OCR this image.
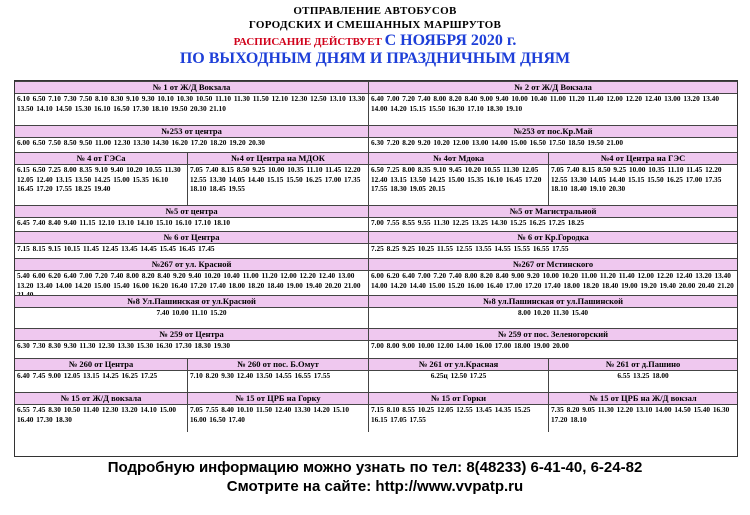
ОТПРАВЛЕНИЕ АВТОБУСОВ
ГОРОДСКИХ И СМЕШАННЫХ МАРШРУТОВ
РАСПИСАНИЕ ДЕЙСТВУЕТ С НОЯБРЯ 2020 г.
ПО ВЫХОДНЫМ ДНЯМ И ПРАЗДНИЧНЫМ ДНЯМ
№ 1 от Ж/Д Вокзала
6.10 6.50 7.10 7.30 7.50 8.10 8.30 9.10 9.30 10.10 10.30 10.50 11.10 11.30 11.50 12.10 12.30 12.50 13.10 13.30 13.50 14.10 14.50 15.30 16.10 16.50 17.30 18.10 19.50 20.30 21.10
№ 2 от Ж/Д Вокзала
6.40 7.00 7.20 7.40 8.00 8.20 8.40 9.00 9.40 10.00 10.40 11.00 11.20 11.40 12.00 12.20 12.40 13.00 13.20 13.40 14.00 14.20 15.15 15.50 16.30 17.10 18.30 19.10
№253 от центра
6.00 6.50 7.50 8.50 9.50 11.00 12.30 13.30 14.30 16.20 17.20 18.20 19.20 20.30
№253 от пос.Кр.Май
6.30 7.20 8.20 9.20 10.20 12.00 13.00 14.00 15.00 16.50 17.50 18.50 19.50 21.00
№ 4 от ГЭСа
6.15 6.50 7.25 8.00 8.35 9.10 9.40 10.20 10.55 11.30 12.05 12.40 13.15 13.50 14.25 15.00 15.35 16.10 16.45 17.20 17.55 18.25 19.40
№4 от Центра на МДОК
7.05 7.40 8.15 8.50 9.25 10.00 10.35 11.10 11.45 12.20 12.55 13.30 14.05 14.40 15.15 15.50 16.25 17.00 17.35 18.10 18.45 19.55
№ 4от Мдока
6.50 7.25 8.00 8.35 9.10 9.45 10.20 10.55 11.30 12.05 12.40 13.15 13.50 14.25 15.00 15.35 16.10 16.45 17.20 17.55 18.30 19.05 20.15
№4 от Центра на ГЭС
7.05 7.40 8.15 8.50 9.25 10.00 10.35 11.10 11.45 12.20 12.55 13.30 14.05 14.40 15.15 15.50 16.25 17.00 17.35 18.10 18.40 19.10 20.30
№5 от центра
6.45 7.40 8.40 9.40 11.15 12.10 13.10 14.10 15.10 16.10 17.10 18.10
№5 от Магистральной
7.00 7.55 8.55 9.55 11.30 12.25 13.25 14.30 15.25 16.25 17.25 18.25
№ 6 от Центра
7.15 8.15 9.15 10.15 11.45 12.45 13.45 14.45 15.45 16.45 17.45
№ 6 от Кр.Городка
7.25 8.25 9.25 10.25 11.55 12.55 13.55 14.55 15.55 16.55 17.55
№267 от ул. Красной
5.40 6.00 6.20 6.40 7.00 7.20 7.40 8.00 8.20 8.40 9.20 9.40 10.20 10.40 11.00 11.20 12.00 12.20 12.40 13.00 13.20 13.40 14.00 14.20 15.00 15.40 16.00 16.20 16.40 17.20 17.40 18.00 18.20 18.40 19.00 19.40 20.20 21.00
№267 от Мстинского
6.00 6.20 6.40 7.00 7.20 7.40 8.00 8.20 8.40 9.00 9.20 10.00 10.20 11.00 11.20 11.40 12.00 12.20 12.40 13.20 13.40 14.00 14.20 14.40 15.00 15.20 16.00 16.40 17.00 17.20 17.40 18.00 18.20 18.40 19.00 19.20 19.40 20.00 20.40 21.20
№8 Ул.Пашинская от ул.Красной
7.40 10.00 11.10 15.20
№8 ул.Пашинская от ул.Пашинской
8.00 10.20 11.30 15.40
№ 259 от Центра
6.30 7.30 8.30 9.30 11.30 12.30 13.30 15.30 16.30 17.30 18.30 19.30
№ 259 от пос. Зеленогорский
7.00 8.00 9.00 10.00 12.00 14.00 16.00 17.00 18.00 19.00 20.00
№ 260 от Центра
6.40 7.45 9.00 12.05 13.15 14.25 16.25 17.25
№ 260 от пос. Б.Омут
7.10 8.20 9.30 12.40 13.50 14.55 16.55 17.55
№ 261 от ул.Красная
6.25ц 12.50 17.25
№ 261 от д.Пашино
6.55 13.25 18.00
№ 15 от Ж/Д вокзала
6.55 7.45 8.30 10.50 11.40 12.30 13.20 14.10 15.00 16.40 17.30 18.30
№ 15 от ЦРБ на Горку
7.05 7.55 8.40 10.10 11.50 12.40 13.30 14.20 15.10 16.00 16.50 17.40
№ 15 от Горки
7.15 8.10 8.55 10.25 12.05 12.55 13.45 14.35 15.25 16.15 17.05 17.55
№ 15 от ЦРБ на Ж/Д вокзал
7.35 8.20 9.05 11.30 12.20 13.10 14.00 14.50 15.40 16.30 17.20 18.10
Подробную информацию можно узнать по тел: 8(48233) 6-41-40, 6-24-82
Смотрите на сайте: http://www.vvpatp.ru
